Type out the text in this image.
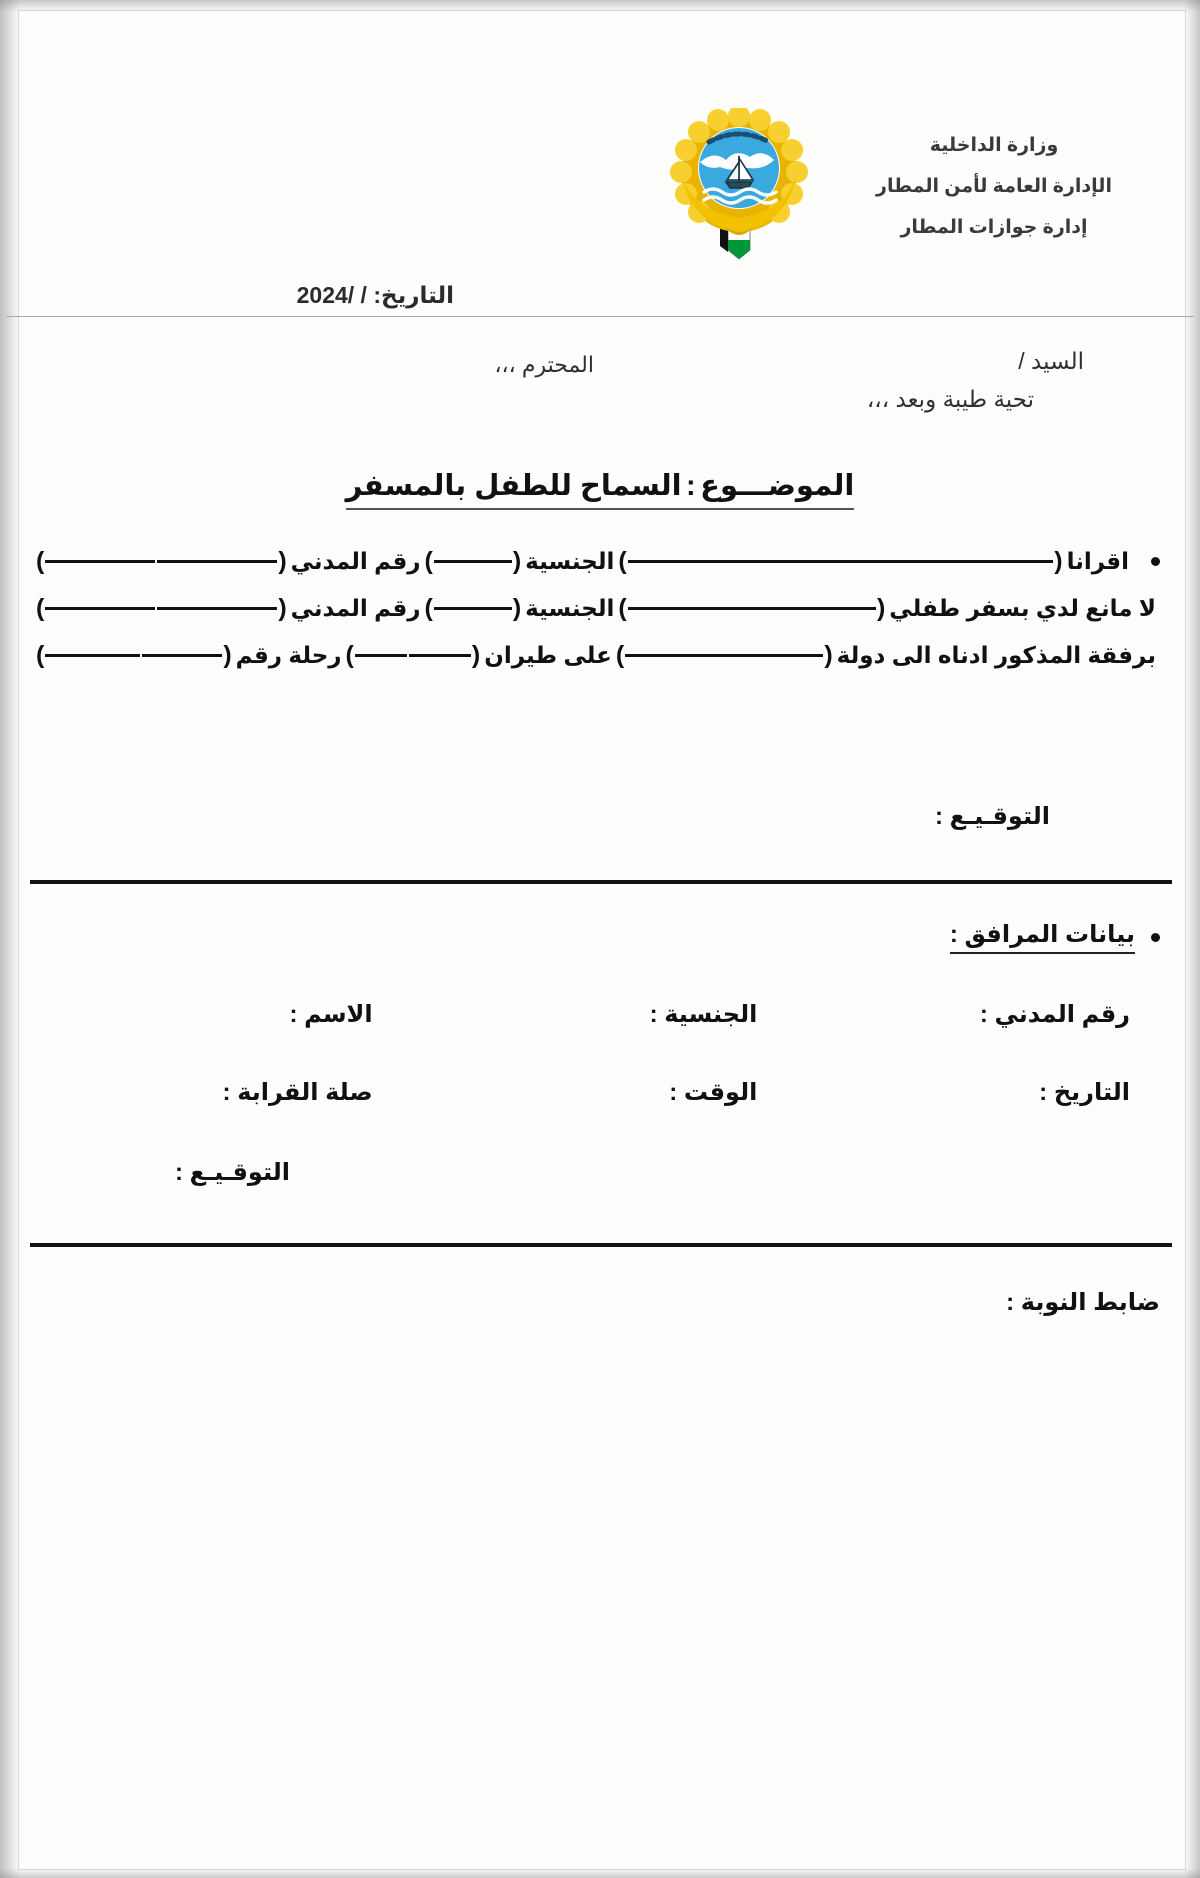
وزارة الداخلية
الإدارة العامة لأمن المطار
إدارة جوازات المطار
التاريخ: / /2024
السيد /
المحترم ،،،
تحية طيبة وبعد ،،،
الموضـــوع : السماح للطفل بالمسفر
اقرانا
(
)
الجنسية
(
)
رقم المدني
(
)
لا مانع لدي بسفر طفلي
(
)
الجنسية
(
)
رقم المدني
(
)
برفقة المذكور ادناه الى دولة
(
)
على طيران
(
)
رحلة رقم
(
)
التوقـيـع :
بيانات المرافق :
رقم المدني :
الجنسية :
الاسم :
التاريخ :
الوقت :
صلة القرابة :
التوقـيـع :
ضابط النوبة :
